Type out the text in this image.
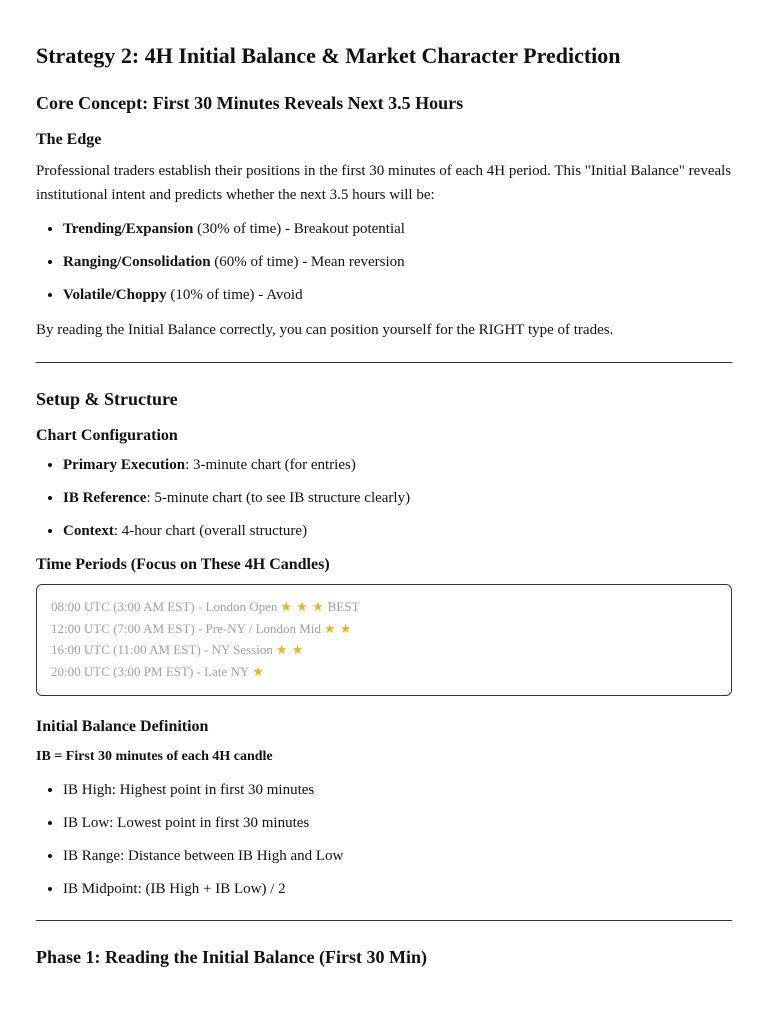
Strategy 2: 4H Initial Balance & Market Character Prediction
Core Concept: First 30 Minutes Reveals Next 3.5 Hours
The Edge

Professional traders establish their positions in the first 30 minutes of each 4H period. This "Initial Balance" reveals institutional intent and predicts whether the next 3.5 hours will be:

• Trending/Expansion (30% of time) - Breakout potential
• Ranging/Consolidation (60% of time) - Mean reversion
• Volatile/Choppy (10% of time) - Avoid

By reading the Initial Balance correctly, you can position yourself for the RIGHT type of trades.

Setup & Structure
Chart Configuration
• Primary Execution: 3-minute chart (for entries)
• IB Reference: 5-minute chart (to see IB structure clearly)
• Context: 4-hour chart (overall structure)
Time Periods (Focus on These 4H Candles)
08:00 UTC (3:00 AM EST) - London Open ★ ★ ★ BEST
12:00 UTC (7:00 AM EST) - Pre-NY / London Mid ★ ★
16:00 UTC (11:00 AM EST) - NY Session ★ ★
20:00 UTC (3:00 PM EST) - Late NY ★
Initial Balance Definition

IB = First 30 minutes of each 4H candle

• IB High: Highest point in first 30 minutes
• IB Low: Lowest point in first 30 minutes
• IB Range: Distance between IB High and Low
• IB Midpoint: (IB High + IB Low) / 2
Phase 1: Reading the Initial Balance (First 30 Min)
